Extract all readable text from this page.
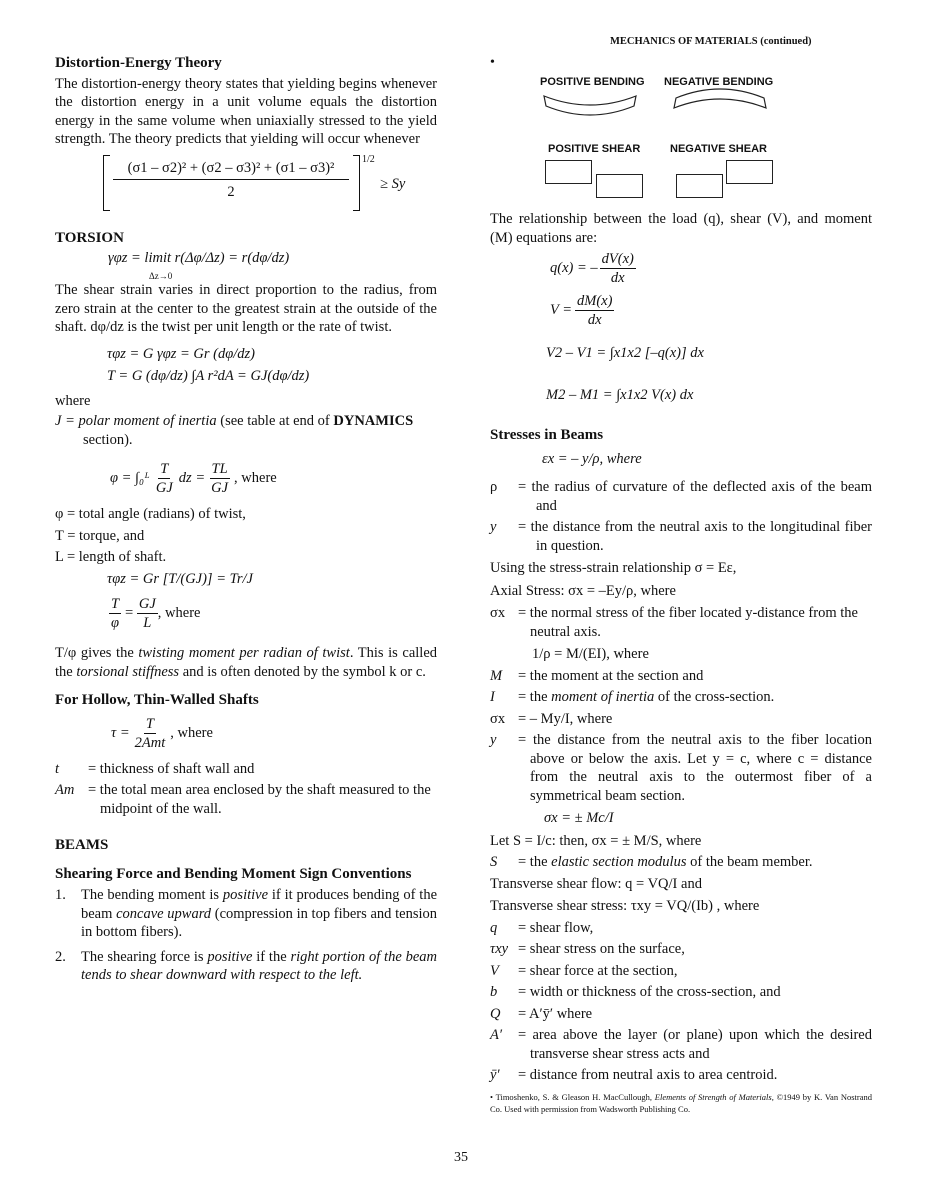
MECHANICS OF MATERIALS (continued)
Distortion-Energy Theory
The distortion-energy theory states that yielding begins whenever the distortion energy in a unit volume equals the distortion energy in the same volume when uniaxially stressed to the yield strength. The theory predicts that yielding will occur whenever
(σ1 – σ2)² + (σ2 – σ3)² + (σ1 – σ3)²
2
1/2
≥ Sy
TORSION
γφz = limit r(Δφ/Δz) = r(dφ/dz)
Δz→0
The shear strain varies in direct proportion to the radius, from zero strain at the center to the greatest strain at the outside of the shaft. dφ/dz is the twist per unit length or the rate of twist.
τφz = G γφz = Gr (dφ/dz)
T = G (dφ/dz) ∫A r²dA = GJ(dφ/dz)
where
J = polar moment of inertia (see table at end of DYNAMICS section).
φ = ∫₀ᴸ $\frac{T}{GJ}$ dz = $\frac{TL}{GJ}$ , where
φ = total angle (radians) of twist,
T = torque, and
L = length of shaft.
τφz = Gr [T/(GJ)] = Tr/J
$\frac{T}{\varphi} = \frac{GJ}{L}$ , where
T/φ gives the twisting moment per radian of twist. This is called the torsional stiffness and is often denoted by the symbol k or c.
For Hollow, Thin-Walled Shafts
$\tau = \frac{T}{\text{2Amt}}$ , where
t	= thickness of shaft wall and
Am = the total mean area enclosed by the shaft measured to the midpoint of the wall.
BEAMS
Shearing Force and Bending Moment Sign Conventions
1.	The bending moment is positive if it produces bending of the beam concave upward (compression in top fibers and tension in bottom fibers).
2.	The shearing force is positive if the right portion of the beam tends to shear downward with respect to the left.
•
POSITIVE BENDING NEGATIVE BENDING
POSITIVE SHEAR	NEGATIVE SHEAR
The relationship between the load (q), shear (V), and moment (M) equations are:
q(x) = – $\frac{dV(x)}{dx}$
$V = \frac{dM(x)}{dx}$
V2 – V1 = ∫x1x2 [–q(x)] dx
M2 – M1 = ∫x1x2 V(x) dx
Stresses in Beams
εx = – y/ρ, where
ρ	= the radius of curvature of the deflected axis of the beam and
y	= the distance from the neutral axis to the longitudinal fiber in question.
Using the stress-strain relationship σ = Eε,
Axial Stress: σx = –Ey/ρ, where
σx = the normal stress of the fiber located y-distance from the neutral axis.
1/ρ = M/(EI), where
M	= the moment at the section and
I	= the moment of inertia of the cross-section.
σx = – My/I, where
y	= the distance from the neutral axis to the fiber location above or below the axis. Let y = c, where c = distance from the neutral axis to the outermost fiber of a symmetrical beam section.
σx = ± Mc/I
Let S = I/c: then, σx = ± M/S, where
S	= the elastic section modulus of the beam member.
Transverse shear flow: q = VQ/I and
Transverse shear stress: τxy = VQ/(Ib) , where
q	= shear flow,
τxy = shear stress on the surface,
V	= shear force at the section,
b	= width or thickness of the cross-section, and
Q	= A′ȳ′ where
A′	= area above the layer (or plane) upon which the desired transverse shear stress acts and
ȳ′	= distance from neutral axis to area centroid.
• Timoshenko, S. & Gleason H. MacCullough, Elements of Strength of Materials, ©1949 by K. Van Nostrand Co. Used with permission from Wadsworth Publishing Co.
35
